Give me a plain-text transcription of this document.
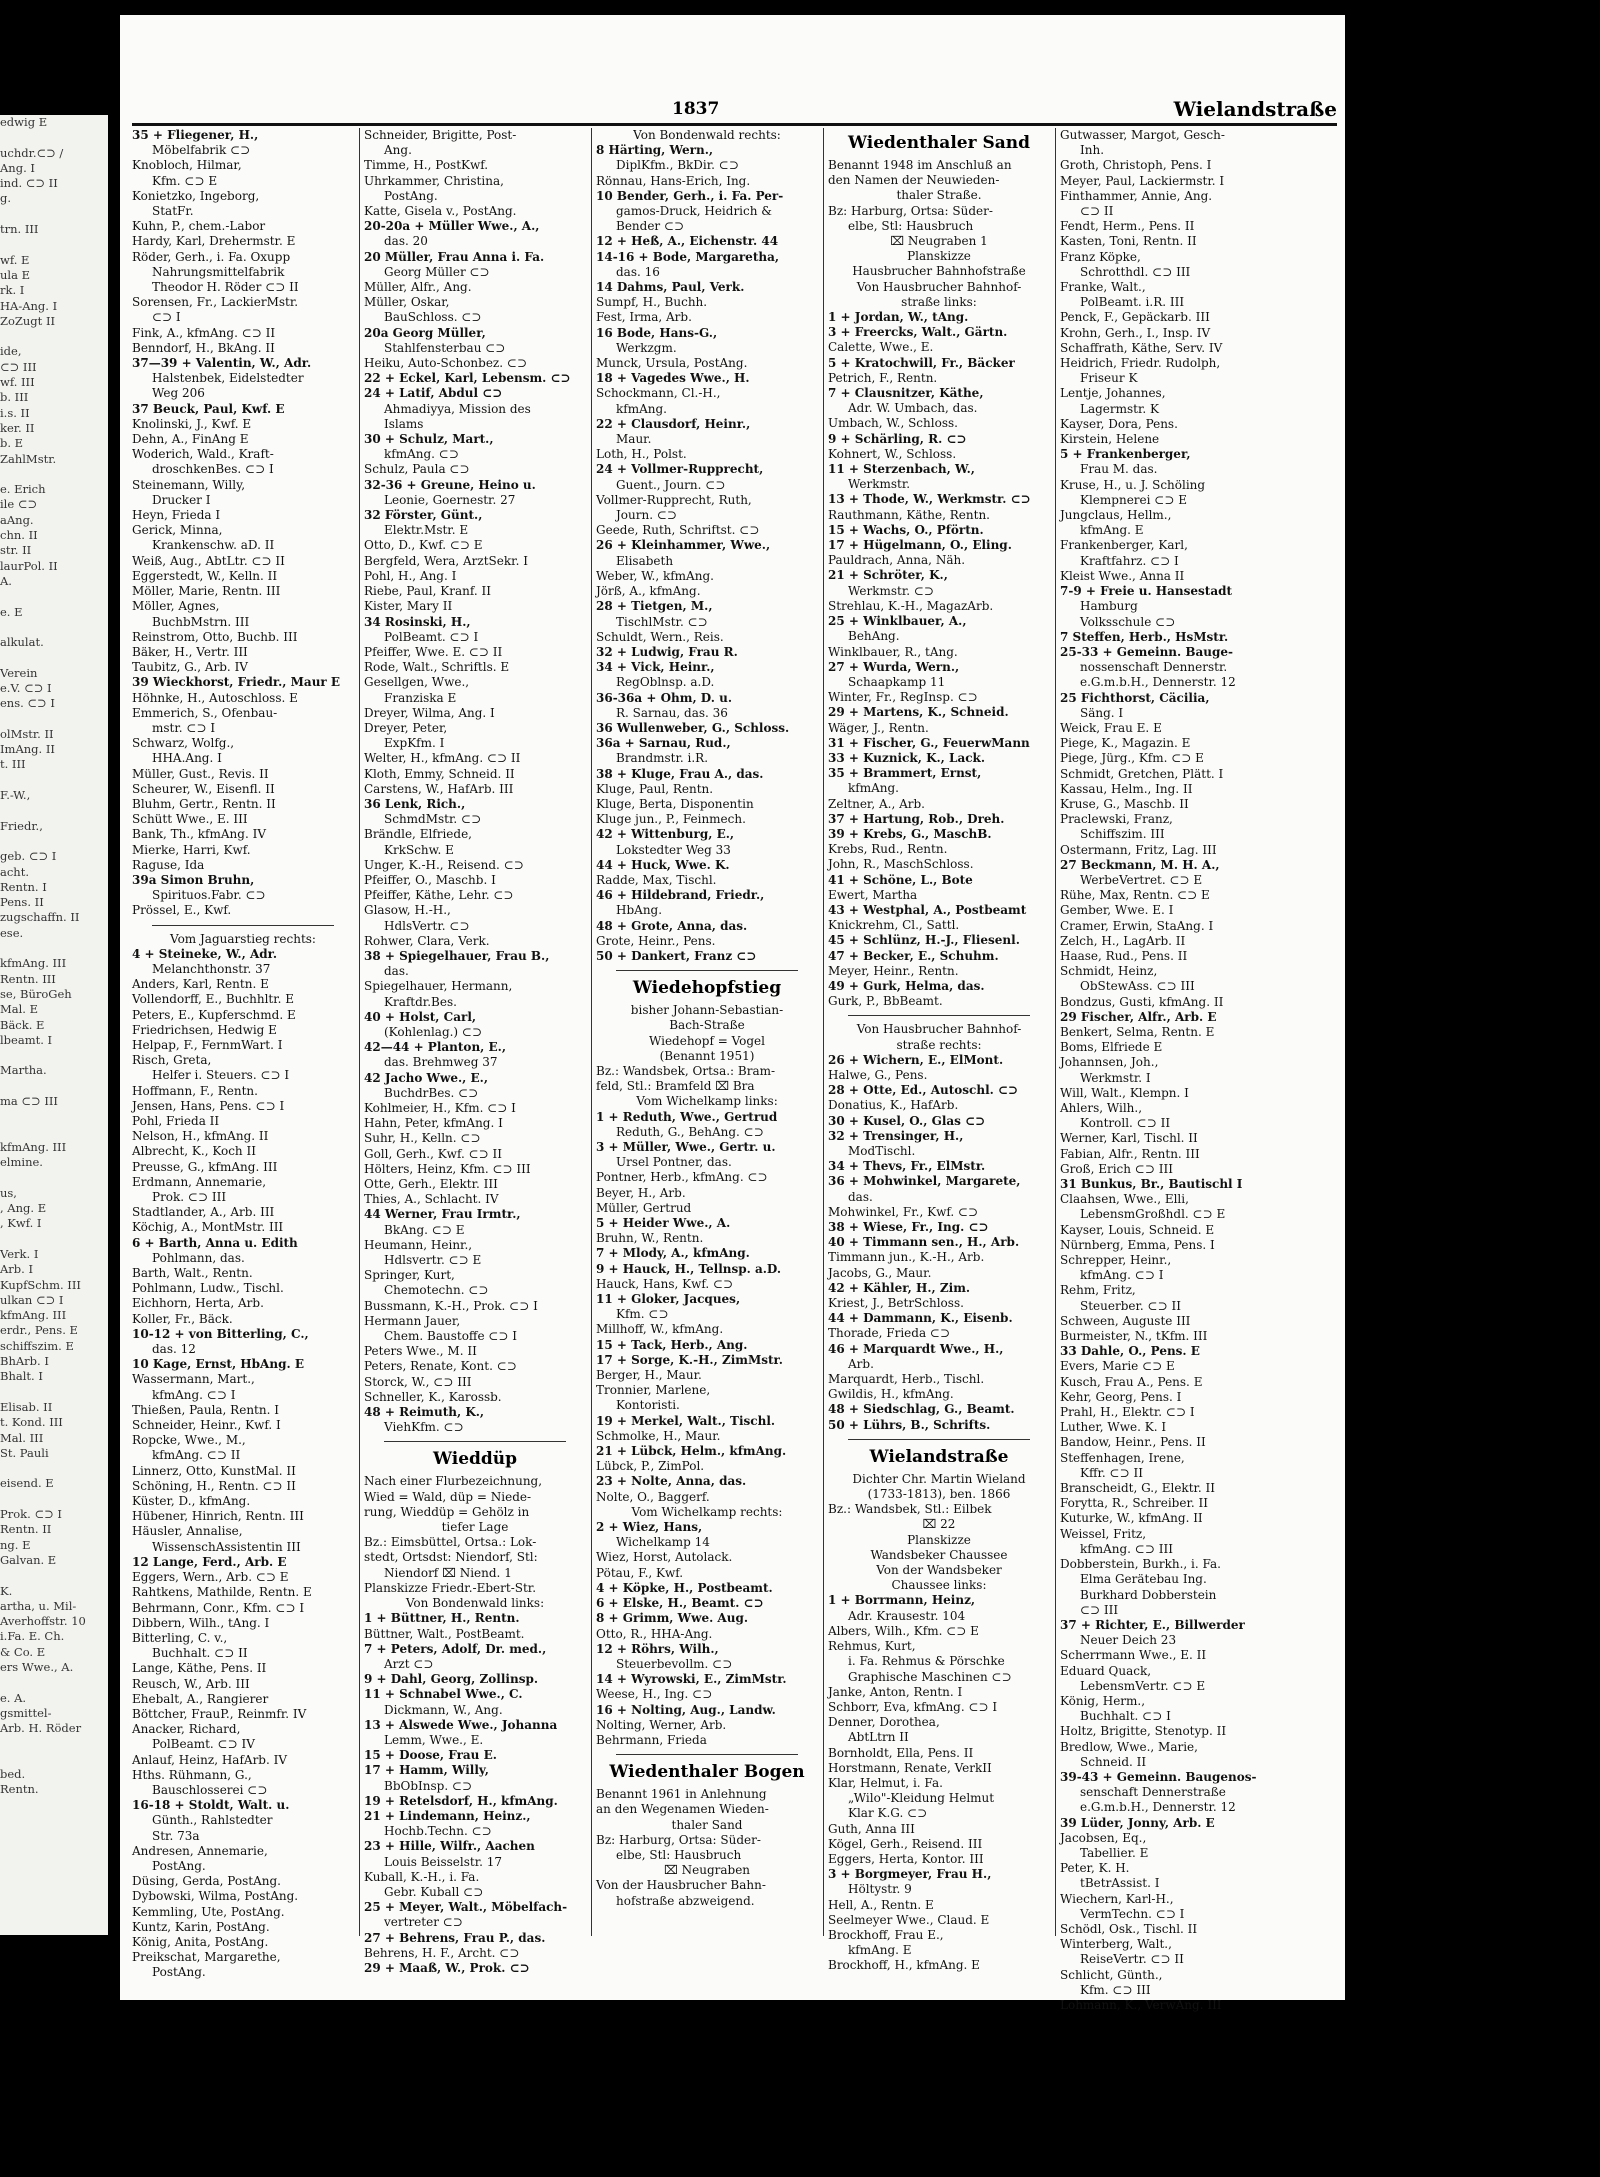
edwig E

uchdr.⊂⊃ /
Ang. I
ind. ⊂⊃ II
g.

trn. III

wf. E
ula E
rk. I
HA-Ang. I
ZoZugt II

ide,
⊂⊃ III
wf. III
b. III
i.s. II
ker. II
b. E
ZahlMstr.

e. Erich
ile ⊂⊃
aAng.
chn. II
str. II
laurPol. II
A.

e. E

alkulat.

Verein
e.V. ⊂⊃ I
ens. ⊂⊃ I

olMstr. II
ImAng. II
t. III

F.-W.,

Friedr.,

geb. ⊂⊃ I
acht.
Rentn. I
Pens. II
zugschaffn. II
ese.

kfmAng. III
Rentn. III
se, BüroGeh
Mal. E
Bäck. E
lbeamt. I

Martha.

ma ⊂⊃ III

kfmAng. III
elmine.

us,
, Ang. E
, Kwf. I

Verk. I
Arb. I
KupfSchm. III
ulkan ⊂⊃ I
kfmAng. III
erdr., Pens. E
schiffszim. E
BhArb. I
Bhalt. I

Elisab. II
t. Kond. III
Mal. III
St. Pauli

eisend. E

Prok. ⊂⊃ I
Rentn. II
ng. E
Galvan. E

K.
artha, u. Mil-
Averhoffstr. 10
i.Fa. E. Ch.
& Co. E
ers Wwe., A.

e. A.
gsmittel-
Arb. H. Röder

bed.
Rentn.
1837	Wielandstraße
35 + Fliegener, H.,
Möbelfabrik ⊂⊃
Knobloch, Hilmar,
Kfm. ⊂⊃ E
Konietzko, Ingeborg,
StatFr.
Kuhn, P., chem.-Labor
Hardy, Karl, Drehermstr. E
Röder, Gerh., i. Fa. Oxupp
Nahrungsmittelfabrik
Theodor H. Röder ⊂⊃ II
Sorensen, Fr., LackierMstr.
⊂⊃ I
Fink, A., kfmAng. ⊂⊃ II
Benndorf, H., BkAng. II
37—39 + Valentin, W., Adr.
Halstenbek, Eidelstedter
Weg 206
37 Beuck, Paul, Kwf. E
Knolinski, J., Kwf. E
Dehn, A., FinAng E
Woderich, Wald., Kraft-
droschkenBes. ⊂⊃ I
Steinemann, Willy,
Drucker I
Heyn, Frieda I
Gerick, Minna,
Krankenschw. aD. II
Weiß, Aug., AbtLtr. ⊂⊃ II
Eggerstedt, W., Kelln. II
Möller, Marie, Rentn. III
Möller, Agnes,
BuchbMstrn. III
Reinstrom, Otto, Buchb. III
Bäker, H., Vertr. III
Taubitz, G., Arb. IV
39 Wieckhorst, Friedr., Maur E
Höhnke, H., Autoschloss. E
Emmerich, S., Ofenbau-
mstr. ⊂⊃ I
Schwarz, Wolfg.,
HHA.Ang. I
Müller, Gust., Revis. II
Scheurer, W., Eisenfl. II
Bluhm, Gertr., Rentn. II
Schütt Wwe., E. III
Bank, Th., kfmAng. IV
Mierke, Harri, Kwf.
Raguse, Ida
39a Simon Bruhn,
Spirituos.Fabr. ⊂⊃
Prössel, E., Kwf.
Vom Jaguarstieg rechts:
4 + Steineke, W., Adr.
Melanchthonstr. 37
Anders, Karl, Rentn. E
Vollendorff, E., Buchhltr. E
Peters, E., Kupferschmd. E
Friedrichsen, Hedwig E
Helpap, F., FernmWart. I
Risch, Greta,
Helfer i. Steuers. ⊂⊃ I
Hoffmann, F., Rentn.
Jensen, Hans, Pens. ⊂⊃ I
Pohl, Frieda II
Nelson, H., kfmAng. II
Albrecht, K., Koch II
Preusse, G., kfmAng. III
Erdmann, Annemarie,
Prok. ⊂⊃ III
Stadtlander, A., Arb. III
Köchig, A., MontMstr. III
6 + Barth, Anna u. Edith
Pohlmann, das.
Barth, Walt., Rentn.
Pohlmann, Ludw., Tischl.
Eichhorn, Herta, Arb.
Koller, Fr., Bäck.
10-12 + von Bitterling, C.,
das. 12
10 Kage, Ernst, HbAng. E
Wassermann, Mart.,
kfmAng. ⊂⊃ I
Thießen, Paula, Rentn. I
Schneider, Heinr., Kwf. I
Ropcke, Wwe., M.,
kfmAng. ⊂⊃ II
Linnerz, Otto, KunstMal. II
Schöning, H., Rentn. ⊂⊃ II
Küster, D., kfmAng.
Hübener, Hinrich, Rentn. III
Häusler, Annalise,
WissenschAssistentin III
12 Lange, Ferd., Arb. E
Eggers, Wern., Arb. ⊂⊃ E
Rahtkens, Mathilde, Rentn. E
Behrmann, Conr., Kfm. ⊂⊃ I
Dibbern, Wilh., tAng. I
Bitterling, C. v.,
Buchhalt. ⊂⊃ II
Lange, Käthe, Pens. II
Reusch, W., Arb. III
Ehebalt, A., Rangierer
Böttcher, FrauP., Reinmfr. IV
Anacker, Richard,
PolBeamt. ⊂⊃ IV
Anlauf, Heinz, HafArb. IV
Hths. Rühmann, G.,
Bauschlosserei ⊂⊃
16-18 + Stoldt, Walt. u.
Günth., Rahlstedter
Str. 73a
Andresen, Annemarie,
PostAng.
Düsing, Gerda, PostAng.
Dybowski, Wilma, PostAng.
Kemmling, Ute, PostAng.
Kuntz, Karin, PostAng.
König, Anita, PostAng.
Preikschat, Margarethe,
PostAng.
Schneider, Brigitte, Post-
Ang.
Timme, H., PostKwf.
Uhrkammer, Christina,
PostAng.
Katte, Gisela v., PostAng.
20-20a + Müller Wwe., A.,
das. 20
20 Müller, Frau Anna i. Fa.
Georg Müller ⊂⊃
Müller, Alfr., Ang.
Müller, Oskar,
BauSchloss. ⊂⊃
20a Georg Müller,
Stahlfensterbau ⊂⊃
Heiku, Auto-Schonbez. ⊂⊃
22 + Eckel, Karl, Lebensm. ⊂⊃
24 + Latif, Abdul ⊂⊃
Ahmadiyya, Mission des
Islams
30 + Schulz, Mart.,
kfmAng. ⊂⊃
Schulz, Paula ⊂⊃
32-36 + Greune, Heino u.
Leonie, Goernestr. 27
32 Förster, Günt.,
Elektr.Mstr. E
Otto, D., Kwf. ⊂⊃ E
Bergfeld, Wera, ArztSekr. I
Pohl, H., Ang. I
Riebe, Paul, Kranf. II
Kister, Mary II
34 Rosinski, H.,
PolBeamt. ⊂⊃ I
Pfeiffer, Wwe. E. ⊂⊃ II
Rode, Walt., Schriftls. E
Gesellgen, Wwe.,
Franziska E
Dreyer, Wilma, Ang. I
Dreyer, Peter,
ExpKfm. I
Welter, H., kfmAng. ⊂⊃ II
Kloth, Emmy, Schneid. II
Carstens, W., HafArb. III
36 Lenk, Rich.,
SchmdMstr. ⊂⊃
Brändle, Elfriede,
KrkSchw. E
Unger, K.-H., Reisend. ⊂⊃
Pfeiffer, O., Maschb. I
Pfeiffer, Käthe, Lehr. ⊂⊃
Glasow, H.-H.,
HdlsVertr. ⊂⊃
Rohwer, Clara, Verk.
38 + Spiegelhauer, Frau B.,
das.
Spiegelhauer, Hermann,
Kraftdr.Bes.
40 + Holst, Carl,
(Kohlenlag.) ⊂⊃
42—44 + Planton, E.,
das. Brehmweg 37
42 Jacho Wwe., E.,
BuchdrBes. ⊂⊃
Kohlmeier, H., Kfm. ⊂⊃ I
Hahn, Peter, kfmAng. I
Suhr, H., Kelln. ⊂⊃
Goll, Gerh., Kwf. ⊂⊃ II
Hölters, Heinz, Kfm. ⊂⊃ III
Otte, Gerh., Elektr. III
Thies, A., Schlacht. IV
44 Werner, Frau Irmtr.,
BkAng. ⊂⊃ E
Heumann, Heinr.,
Hdlsvertr. ⊂⊃ E
Springer, Kurt,
Chemotechn. ⊂⊃
Bussmann, K.-H., Prok. ⊂⊃ I
Hermann Jauer,
Chem. Baustoffe ⊂⊃ I
Peters Wwe., M. II
Peters, Renate, Kont. ⊂⊃
Storck, W., ⊂⊃ III
Schneller, K., Karossb.
48 + Reimuth, K.,
ViehKfm. ⊂⊃
Wieddüp
Nach einer Flurbezeichnung,
Wied = Wald, düp = Niede-
rung, Wieddüp = Gehölz in
tiefer Lage
Bz.: Eimsbüttel, Ortsa.: Lok-
stedt, Ortsdst: Niendorf, Stl:
Niendorf ⌧ Niend. 1
Planskizze Friedr.-Ebert-Str.
Von Bondenwald links:
1 + Büttner, H., Rentn.
Büttner, Walt., PostBeamt.
7 + Peters, Adolf, Dr. med.,
Arzt ⊂⊃
9 + Dahl, Georg, Zollinsp.
11 + Schnabel Wwe., C.
Dickmann, W., Ang.
13 + Alswede Wwe., Johanna
Lemm, Wwe., E.
15 + Doose, Frau E.
17 + Hamm, Willy,
BbObInsp. ⊂⊃
19 + Retelsdorf, H., kfmAng.
21 + Lindemann, Heinz.,
Hochb.Techn. ⊂⊃
23 + Hille, Wilfr., Aachen
Louis Beisselstr. 17
Kuball, K.-H., i. Fa.
Gebr. Kuball ⊂⊃
25 + Meyer, Walt., Möbelfach-
vertreter ⊂⊃
27 + Behrens, Frau P., das.
Behrens, H. F., Archt. ⊂⊃
29 + Maaß, W., Prok. ⊂⊃
Von Bondenwald rechts:
8 Härting, Wern.,
DiplKfm., BkDir. ⊂⊃
Rönnau, Hans-Erich, Ing.
10 Bender, Gerh., i. Fa. Per-
gamos-Druck, Heidrich &
Bender ⊂⊃
12 + Heß, A., Eichenstr. 44
14-16 + Bode, Margaretha,
das. 16
14 Dahms, Paul, Verk.
Sumpf, H., Buchh.
Fest, Irma, Arb.
16 Bode, Hans-G.,
Werkzgm.
Munck, Ursula, PostAng.
18 + Vagedes Wwe., H.
Schockmann, Cl.-H.,
kfmAng.
22 + Clausdorf, Heinr.,
Maur.
Loth, H., Polst.
24 + Vollmer-Rupprecht,
Guent., Journ. ⊂⊃
Vollmer-Rupprecht, Ruth,
Journ. ⊂⊃
Geede, Ruth, Schriftst. ⊂⊃
26 + Kleinhammer, Wwe.,
Elisabeth
Weber, W., kfmAng.
Jörß, A., kfmAng.
28 + Tietgen, M.,
TischlMstr. ⊂⊃
Schuldt, Wern., Reis.
32 + Ludwig, Frau R.
34 + Vick, Heinr.,
RegOblnsp. a.D.
36-36a + Ohm, D. u.
R. Sarnau, das. 36
36 Wullenweber, G., Schloss.
36a + Sarnau, Rud.,
Brandmstr. i.R.
38 + Kluge, Frau A., das.
Kluge, Paul, Rentn.
Kluge, Berta, Disponentin
Kluge jun., P., Feinmech.
42 + Wittenburg, E.,
Lokstedter Weg 33
44 + Huck, Wwe. K.
Radde, Max, Tischl.
46 + Hildebrand, Friedr.,
HbAng.
48 + Grote, Anna, das.
Grote, Heinr., Pens.
50 + Dankert, Franz ⊂⊃
Wiedehopfstieg
bisher Johann-Sebastian-
Bach-Straße
Wiedehopf = Vogel
(Benannt 1951)
Bz.: Wandsbek, Ortsa.: Bram-
feld, Stl.: Bramfeld ⌧ Bra
Vom Wichelkamp links:
1 + Reduth, Wwe., Gertrud
Reduth, G., BehAng. ⊂⊃
3 + Müller, Wwe., Gertr. u.
Ursel Pontner, das.
Pontner, Herb., kfmAng. ⊂⊃
Beyer, H., Arb.
Müller, Gertrud
5 + Heider Wwe., A.
Bruhn, W., Rentn.
7 + Mlody, A., kfmAng.
9 + Hauck, H., Tellnsp. a.D.
Hauck, Hans, Kwf. ⊂⊃
11 + Gloker, Jacques,
Kfm. ⊂⊃
Millhoff, W., kfmAng.
15 + Tack, Herb., Ang.
17 + Sorge, K.-H., ZimMstr.
Berger, H., Maur.
Tronnier, Marlene,
Kontoristi.
19 + Merkel, Walt., Tischl.
Schmolke, H., Maur.
21 + Lübck, Helm., kfmAng.
Lübck, P., ZimPol.
23 + Nolte, Anna, das.
Nolte, O., Baggerf.
Vom Wichelkamp rechts:
2 + Wiez, Hans,
Wichelkamp 14
Wiez, Horst, Autolack.
Pötau, F., Kwf.
4 + Köpke, H., Postbeamt.
6 + Elske, H., Beamt. ⊂⊃
8 + Grimm, Wwe. Aug.
Otto, R., HHA-Ang.
12 + Röhrs, Wilh.,
Steuerbevollm. ⊂⊃
14 + Wyrowski, E., ZimMstr.
Weese, H., Ing. ⊂⊃
16 + Nolting, Aug., Landw.
Nolting, Werner, Arb.
Behrmann, Frieda
Wiedenthaler Bogen
Benannt 1961 in Anlehnung
an den Wegenamen Wieden-
thaler Sand
Bz: Harburg, Ortsa: Süder-
elbe, Stl: Hausbruch
⌧ Neugraben
Von der Hausbrucher Bahn-
hofstraße abzweigend.
Wiedenthaler Sand
Benannt 1948 im Anschluß an
den Namen der Neuwieden-
thaler Straße.
Bz: Harburg, Ortsa: Süder-
elbe, Stl: Hausbruch
⌧ Neugraben 1
Planskizze
Hausbrucher Bahnhofstraße
Von Hausbrucher Bahnhof-
straße links:
1 + Jordan, W., tAng.
3 + Freercks, Walt., Gärtn.
Calette, Wwe., E.
5 + Kratochwill, Fr., Bäcker
Petrich, F., Rentn.
7 + Clausnitzer, Käthe,
Adr. W. Umbach, das.
Umbach, W., Schloss.
9 + Schärling, R. ⊂⊃
Kohnert, W., Schloss.
11 + Sterzenbach, W.,
Werkmstr.
13 + Thode, W., Werkmstr. ⊂⊃
Rauthmann, Käthe, Rentn.
15 + Wachs, O., Pförtn.
17 + Hügelmann, O., Eling.
Pauldrach, Anna, Näh.
21 + Schröter, K.,
Werkmstr. ⊂⊃
Strehlau, K.-H., MagazArb.
25 + Winklbauer, A.,
BehAng.
Winklbauer, R., tAng.
27 + Wurda, Wern.,
Schaapkamp 11
Winter, Fr., RegInsp. ⊂⊃
29 + Martens, K., Schneid.
Wäger, J., Rentn.
31 + Fischer, G., FeuerwMann
33 + Kuznick, K., Lack.
35 + Brammert, Ernst,
kfmAng.
Zeltner, A., Arb.
37 + Hartung, Rob., Dreh.
39 + Krebs, G., MaschB.
Krebs, Rud., Rentn.
John, R., MaschSchloss.
41 + Schöne, L., Bote
Ewert, Martha
43 + Westphal, A., Postbeamt
Knickrehm, Cl., Sattl.
45 + Schlünz, H.-J., Fliesenl.
47 + Becker, E., Schuhm.
Meyer, Heinr., Rentn.
49 + Gurk, Helma, das.
Gurk, P., BbBeamt.
Von Hausbrucher Bahnhof-
straße rechts:
26 + Wichern, E., ElMont.
Halwe, G., Pens.
28 + Otte, Ed., Autoschl. ⊂⊃
Donatius, K., HafArb.
30 + Kusel, O., Glas ⊂⊃
32 + Trensinger, H.,
ModTischl.
34 + Thevs, Fr., ElMstr.
36 + Mohwinkel, Margarete,
das.
Mohwinkel, Fr., Kwf. ⊂⊃
38 + Wiese, Fr., Ing. ⊂⊃
40 + Timmann sen., H., Arb.
Timmann jun., K.-H., Arb.
Jacobs, G., Maur.
42 + Kähler, H., Zim.
Kriest, J., BetrSchloss.
44 + Dammann, K., Eisenb.
Thorade, Frieda ⊂⊃
46 + Marquardt Wwe., H.,
Arb.
Marquardt, Herb., Tischl.
Gwildis, H., kfmAng.
48 + Siedschlag, G., Beamt.
50 + Lührs, B., Schrifts.
Wielandstraße
Dichter Chr. Martin Wieland
(1733-1813), ben. 1866
Bz.: Wandsbek, Stl.: Eilbek
⌧ 22
Planskizze
Wandsbeker Chaussee
Von der Wandsbeker
Chaussee links:
1 + Borrmann, Heinz,
Adr. Krausestr. 104
Albers, Wilh., Kfm. ⊂⊃ E
Rehmus, Kurt,
i. Fa. Rehmus & Pörschke
Graphische Maschinen ⊂⊃
Janke, Anton, Rentn. I
Schborr, Eva, kfmAng. ⊂⊃ I
Denner, Dorothea,
AbtLtrn II
Bornholdt, Ella, Pens. II
Horstmann, Renate, VerkII
Klar, Helmut, i. Fa.
„Wilo"-Kleidung Helmut
Klar K.G. ⊂⊃
Guth, Anna III
Kögel, Gerh., Reisend. III
Eggers, Herta, Kontor. III
3 + Borgmeyer, Frau H.,
Höltystr. 9
Hell, A., Rentn. E
Seelmeyer Wwe., Claud. E
Brockhoff, Frau E.,
kfmAng. E
Brockhoff, H., kfmAng. E
Gutwasser, Margot, Gesch-
Inh.
Groth, Christoph, Pens. I
Meyer, Paul, Lackiermstr. I
Finthammer, Annie, Ang.
⊂⊃ II
Fendt, Herm., Pens. II
Kasten, Toni, Rentn. II
Franz Köpke,
Schrotthdl. ⊂⊃ III
Franke, Walt.,
PolBeamt. i.R. III
Penck, F., Gepäckarb. III
Krohn, Gerh., I., Insp. IV
Schaffrath, Käthe, Serv. IV
Heidrich, Friedr. Rudolph,
Friseur K
Lentje, Johannes,
Lagermstr. K
Kayser, Dora, Pens.
Kirstein, Helene
5 + Frankenberger,
Frau M. das.
Kruse, H., u. J. Schöling
Klempnerei ⊂⊃ E
Jungclaus, Hellm.,
kfmAng. E
Frankenberger, Karl,
Kraftfahrz. ⊂⊃ I
Kleist Wwe., Anna II
7-9 + Freie u. Hansestadt
Hamburg
Volksschule ⊂⊃
7 Steffen, Herb., HsMstr.
25-33 + Gemeinn. Bauge-
nossenschaft Dennerstr.
e.G.m.b.H., Dennerstr. 12
25 Fichthorst, Cäcilia,
Säng. I
Weick, Frau E. E
Piege, K., Magazin. E
Piege, Jürg., Kfm. ⊂⊃ E
Schmidt, Gretchen, Plätt. I
Kassau, Helm., Ing. II
Kruse, G., Maschb. II
Praclewski, Franz,
Schiffszim. III
Ostermann, Fritz, Lag. III
27 Beckmann, M. H. A.,
WerbeVertret. ⊂⊃ E
Rühe, Max, Rentn. ⊂⊃ E
Gember, Wwe. E. I
Cramer, Erwin, StaAng. I
Zelch, H., LagArb. II
Haase, Rud., Pens. II
Schmidt, Heinz,
ObStewAss. ⊂⊃ III
Bondzus, Gusti, kfmAng. II
29 Fischer, Alfr., Arb. E
Benkert, Selma, Rentn. E
Boms, Elfriede E
Johannsen, Joh.,
Werkmstr. I
Will, Walt., Klempn. I
Ahlers, Wilh.,
Kontroll. ⊂⊃ II
Werner, Karl, Tischl. II
Fabian, Alfr., Rentn. III
Groß, Erich ⊂⊃ III
31 Bunkus, Br., Bautischl I
Claahsen, Wwe., Elli,
LebensmGroßhdl. ⊂⊃ E
Kayser, Louis, Schneid. E
Nürnberg, Emma, Pens. I
Schrepper, Heinr.,
kfmAng. ⊂⊃ I
Rehm, Fritz,
Steuerber. ⊂⊃ II
Schween, Auguste III
Burmeister, N., tKfm. III
33 Dahle, O., Pens. E
Evers, Marie ⊂⊃ E
Kusch, Frau A., Pens. E
Kehr, Georg, Pens. I
Prahl, H., Elektr. ⊂⊃ I
Luther, Wwe. K. I
Bandow, Heinr., Pens. II
Steffenhagen, Irene,
Kffr. ⊂⊃ II
Branscheidt, G., Elektr. II
Forytta, R., Schreiber. II
Kuturke, W., kfmAng. II
Weissel, Fritz,
kfmAng. ⊂⊃ III
Dobberstein, Burkh., i. Fa.
Elma Gerätebau Ing.
Burkhard Dobberstein
⊂⊃ III
37 + Richter, E., Billwerder
Neuer Deich 23
Scherrmann Wwe., E. II
Eduard Quack,
LebensmVertr. ⊂⊃ E
König, Herm.,
Buchhalt. ⊂⊃ I
Holtz, Brigitte, Stenotyp. II
Bredlow, Wwe., Marie,
Schneid. II
39-43 + Gemeinn. Baugenos-
senschaft Dennerstraße
e.G.m.b.H., Dennerstr. 12
39 Lüder, Jonny, Arb. E
Jacobsen, Eq.,
Tabellier. E
Peter, K. H.
tBetrAssist. I
Wiechern, Karl-H.,
VermTechn. ⊂⊃ I
Schödl, Osk., Tischl. II
Winterberg, Walt.,
ReiseVertr. ⊂⊃ II
Schlicht, Günth.,
Kfm. ⊂⊃ III
Lohmann, K., VerwAng. III
